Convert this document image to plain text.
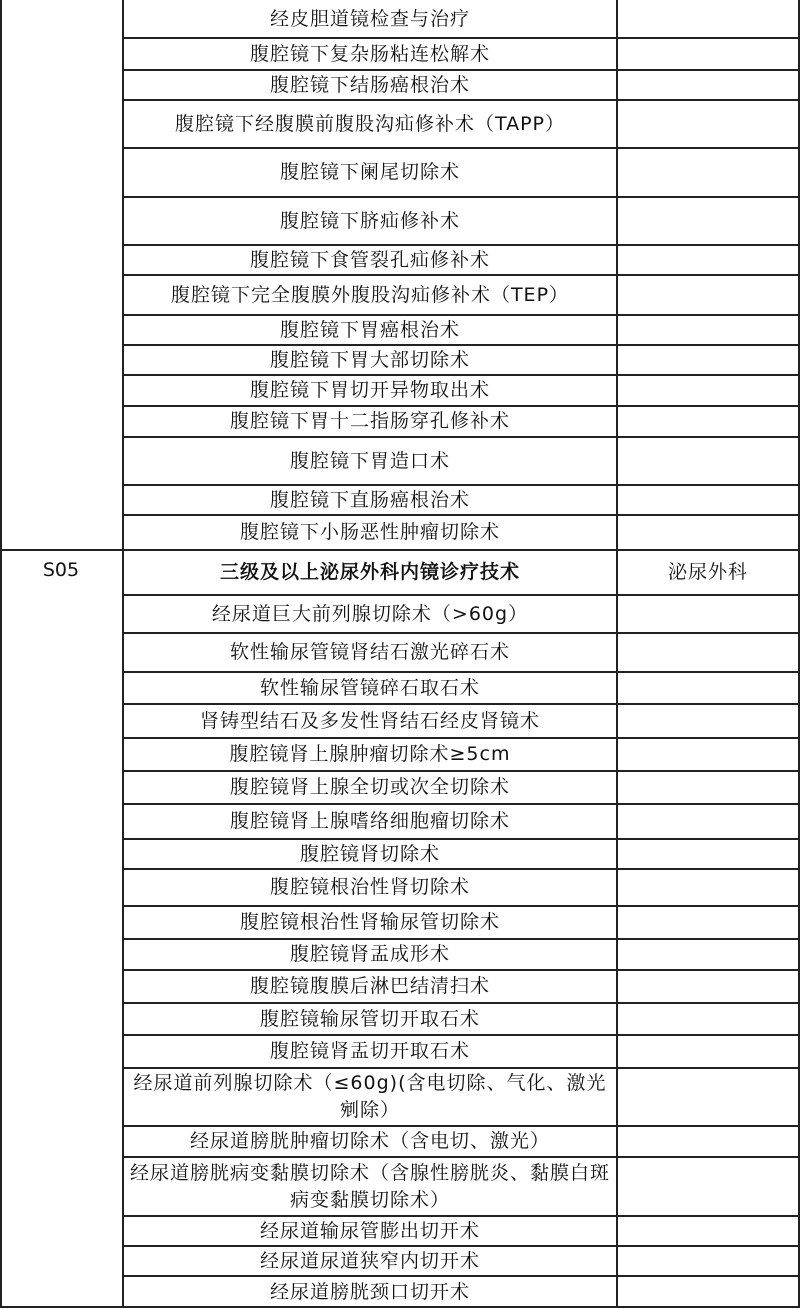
经皮胆道镜检查与治疗
腹腔镜下复杂肠粘连松解术
腹腔镜下结肠癌根治术
腹腔镜下经腹膜前腹股沟疝修补术（TAPP）
腹腔镜下阑尾切除术
腹腔镜下脐疝修补术
腹腔镜下食管裂孔疝修补术
腹腔镜下完全腹膜外腹股沟疝修补术（TEP）
腹腔镜下胃癌根治术
腹腔镜下胃大部切除术
腹腔镜下胃切开异物取出术
腹腔镜下胃十二指肠穿孔修补术
腹腔镜下胃造口术
腹腔镜下直肠癌根治术
腹腔镜下小肠恶性肿瘤切除术
S05	三级及以上泌尿外科内镜诊疗技术	泌尿外科
经尿道巨大前列腺切除术（>60g）
软性输尿管镜肾结石激光碎石术
软性输尿管镜碎石取石术
肾铸型结石及多发性肾结石经皮肾镜术
腹腔镜肾上腺肿瘤切除术≥5cm
腹腔镜肾上腺全切或次全切除术
腹腔镜肾上腺嗜络细胞瘤切除术
腹腔镜肾切除术
腹腔镜根治性肾切除术
腹腔镜根治性肾输尿管切除术
腹腔镜肾盂成形术
腹腔镜腹膜后淋巴结清扫术
腹腔镜输尿管切开取石术
腹腔镜肾盂切开取石术
经尿道前列腺切除术（≤60g)(含电切除、气化、激光剜除）
经尿道膀胱肿瘤切除术（含电切、激光）
经尿道膀胱病变黏膜切除术（含腺性膀胱炎、黏膜白斑病变黏膜切除术）
经尿道输尿管膨出切开术
经尿道尿道狭窄内切开术
经尿道膀胱颈口切开术
